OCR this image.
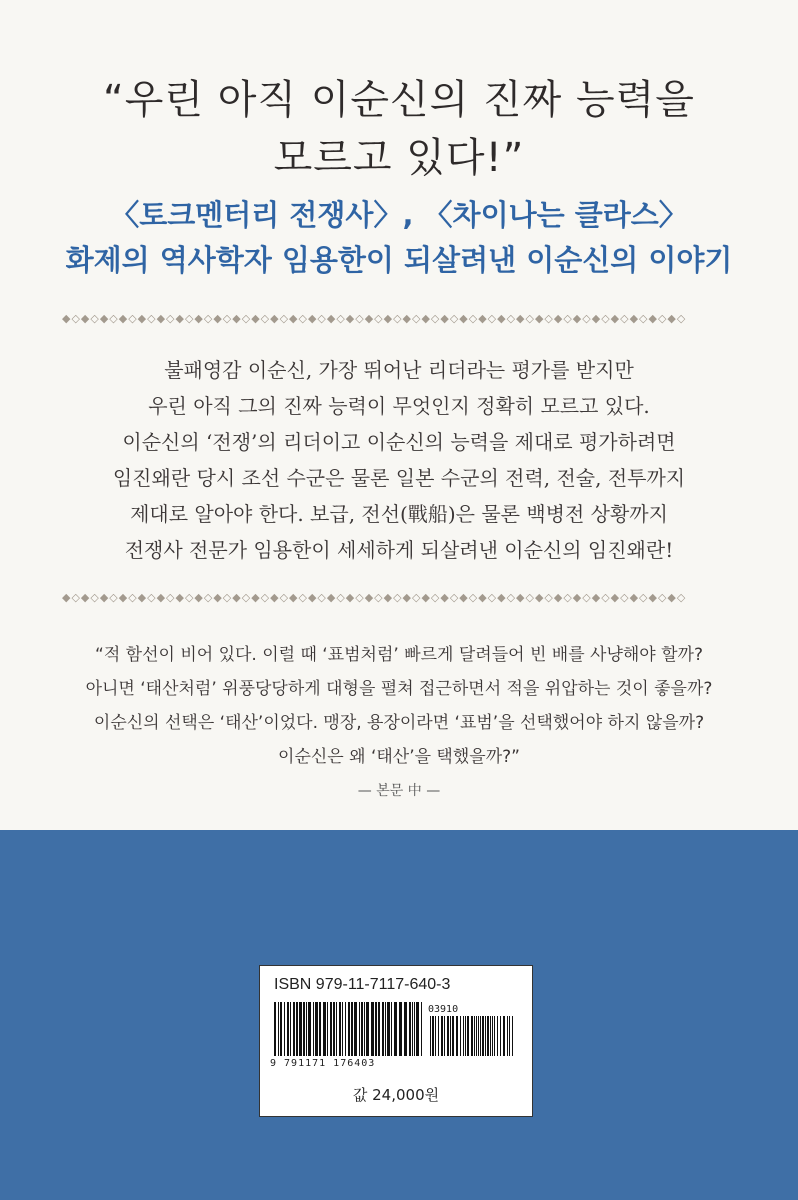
“우린 아직 이순신의 진짜 능력을
모르고 있다!”
〈토크멘터리 전쟁사〉, 〈차이나는 클라스〉
화제의 역사학자 임용한이 되살려낸 이순신의 이야기
◆◇◆◇◆◇◆◇◆◇◆◇◆◇◆◇◆◇◆◇◆◇◆◇◆◇◆◇◆◇◆◇◆◇◆◇◆◇◆◇◆◇◆◇◆◇◆◇◆◇◆◇◆◇◆◇◆◇◆◇◆◇◆◇◆◇
불패영감 이순신, 가장 뛰어난 리더라는 평가를 받지만
우린 아직 그의 진짜 능력이 무엇인지 정확히 모르고 있다.
이순신의 ‘전쟁’의 리더이고 이순신의 능력을 제대로 평가하려면
임진왜란 당시 조선 수군은 물론 일본 수군의 전력, 전술, 전투까지
제대로 알아야 한다. 보급, 전선(戰船)은 물론 백병전 상황까지
전쟁사 전문가 임용한이 세세하게 되살려낸 이순신의 임진왜란!
◆◇◆◇◆◇◆◇◆◇◆◇◆◇◆◇◆◇◆◇◆◇◆◇◆◇◆◇◆◇◆◇◆◇◆◇◆◇◆◇◆◇◆◇◆◇◆◇◆◇◆◇◆◇◆◇◆◇◆◇◆◇◆◇◆◇
“적 함선이 비어 있다. 이럴 때 ‘표범처럼’ 빠르게 달려들어 빈 배를 사냥해야 할까?
아니면 ‘태산처럼’ 위풍당당하게 대형을 펼쳐 접근하면서 적을 위압하는 것이 좋을까?
이순신의 선택은 ‘태산’이었다. 맹장, 용장이라면 ‘표범’을 선택했어야 하지 않을까?
이순신은 왜 ‘태산’을 택했을까?”
— 본문 中 —
ISBN 979-11-7117-640-3
03910
9 791171 176403
값 24,000원
